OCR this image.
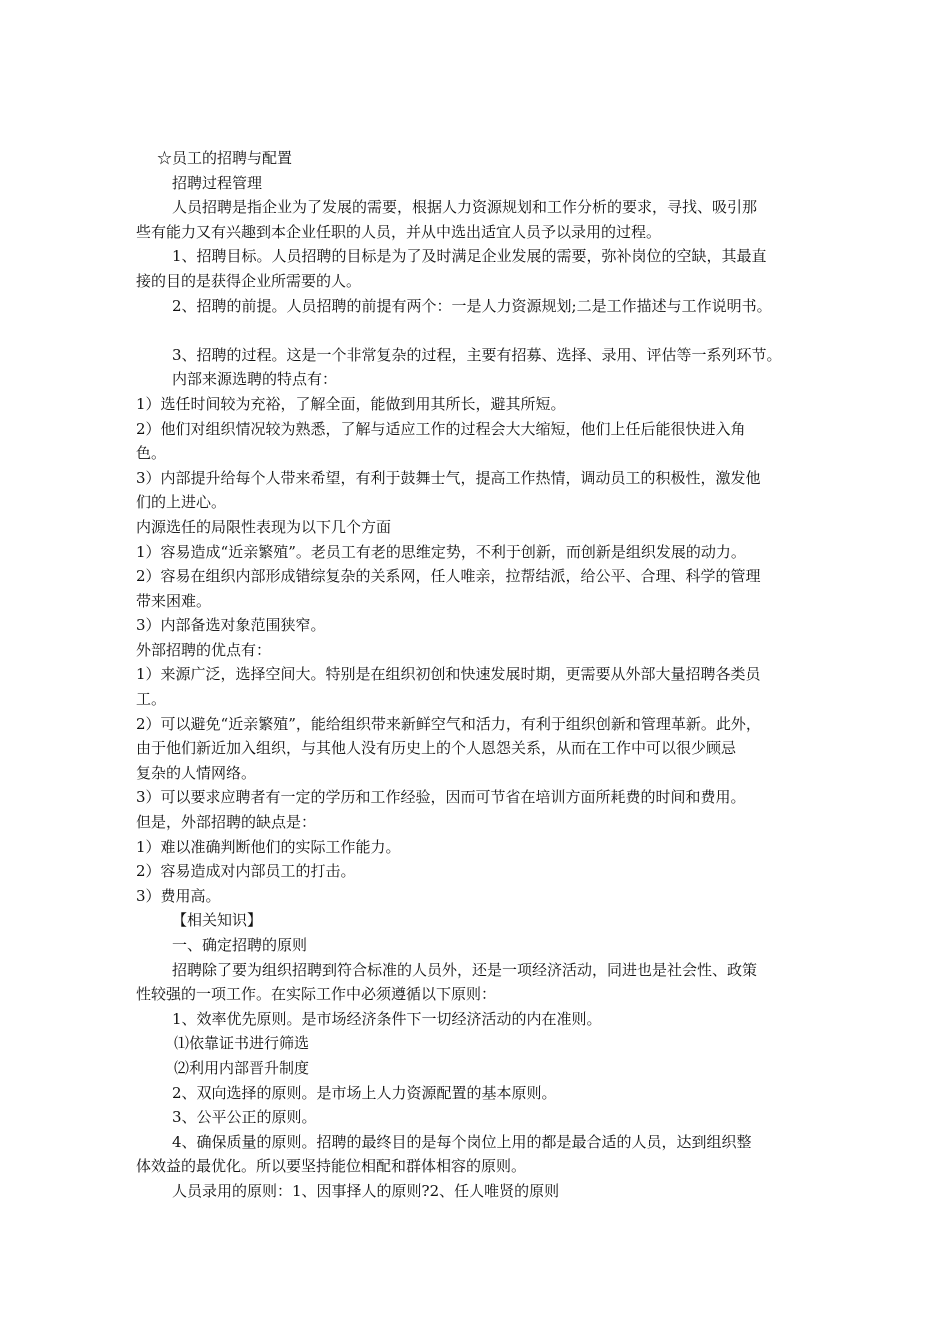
☆员工的招聘与配置
招聘过程管理
人员招聘是指企业为了发展的需要，根据人力资源规划和工作分析的要求，寻找、吸引那
些有能力又有兴趣到本企业任职的人员，并从中选出适宜人员予以录用的过程。
1、招聘目标。人员招聘的目标是为了及时满足企业发展的需要，弥补岗位的空缺，其最直
接的目的是获得企业所需要的人。
2、招聘的前提。人员招聘的前提有两个：一是人力资源规划;二是工作描述与工作说明书。
3、招聘的过程。这是一个非常复杂的过程，主要有招募、选择、录用、评估等一系列环节。
内部来源选聘的特点有：
1）选任时间较为充裕，了解全面，能做到用其所长，避其所短。
2）他们对组织情况较为熟悉，了解与适应工作的过程会大大缩短，他们上任后能很快进入角
色。
3）内部提升给每个人带来希望，有利于鼓舞士气，提高工作热情，调动员工的积极性，激发他
们的上进心。
内源选任的局限性表现为以下几个方面
1）容易造成“近亲繁殖”。老员工有老的思维定势，不利于创新，而创新是组织发展的动力。
2）容易在组织内部形成错综复杂的关系网，任人唯亲，拉帮结派，给公平、合理、科学的管理
带来困难。
3）内部备选对象范围狭窄。
外部招聘的优点有：
1）来源广泛，选择空间大。特别是在组织初创和快速发展时期，更需要从外部大量招聘各类员
工。
2）可以避免“近亲繁殖”，能给组织带来新鲜空气和活力，有利于组织创新和管理革新。此外，
由于他们新近加入组织，与其他人没有历史上的个人恩怨关系，从而在工作中可以很少顾忌
复杂的人情网络。
3）可以要求应聘者有一定的学历和工作经验，因而可节省在培训方面所耗费的时间和费用。
但是，外部招聘的缺点是：
1）难以准确判断他们的实际工作能力。
2）容易造成对内部员工的打击。
3）费用高。
【相关知识】
一、确定招聘的原则
招聘除了要为组织招聘到符合标准的人员外，还是一项经济活动，同进也是社会性、政策
性较强的一项工作。在实际工作中必须遵循以下原则：
1、效率优先原则。是市场经济条件下一切经济活动的内在准则。
⑴依靠证书进行筛选
⑵利用内部晋升制度
2、双向选择的原则。是市场上人力资源配置的基本原则。
3、公平公正的原则。
4、确保质量的原则。招聘的最终目的是每个岗位上用的都是最合适的人员，达到组织整
体效益的最优化。所以要坚持能位相配和群体相容的原则。
人员录用的原则：1、因事择人的原则?2、任人唯贤的原则
